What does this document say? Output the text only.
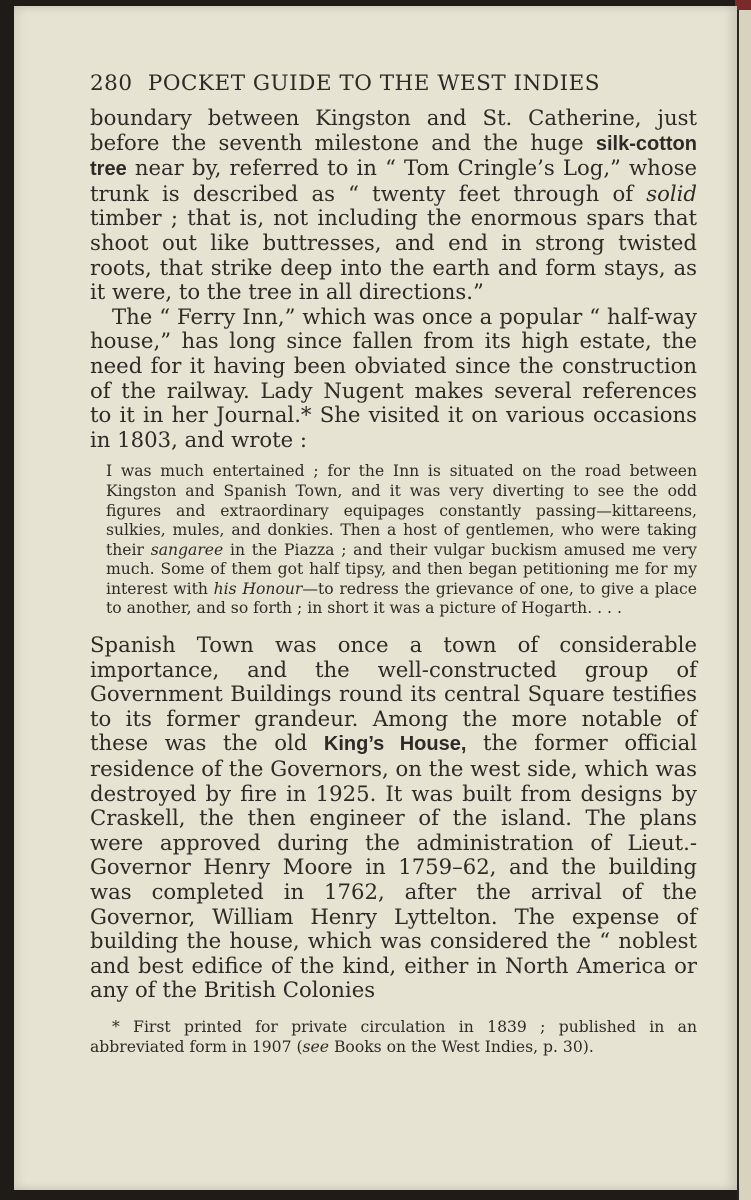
280 POCKET GUIDE TO THE WEST INDIES

boundary between Kingston and St. Catherine, just before the seventh milestone and the huge silk-cotton tree near by, referred to in “ Tom Cringle’s Log,” whose trunk is described as “ twenty feet through of solid timber ; that is, not including the enormous spars that shoot out like buttresses, and end in strong twisted roots, that strike deep into the earth and form stays, as it were, to the tree in all directions.”

The “ Ferry Inn,” which was once a popular “ half-way house,” has long since fallen from its high estate, the need for it having been obviated since the construction of the railway. Lady Nugent makes several references to it in her Journal.* She visited it on various occasions in 1803, and wrote :

I was much entertained ; for the Inn is situated on the road between Kingston and Spanish Town, and it was very diverting to see the odd figures and extraordinary equipages constantly passing—kittareens, sulkies, mules, and donkies. Then a host of gentlemen, who were taking their sangaree in the Piazza ; and their vulgar buckism amused me very much. Some of them got half tipsy, and then began petitioning me for my interest with his Honour—to redress the grievance of one, to give a place to another, and so forth ; in short it was a picture of Hogarth. . . .

Spanish Town was once a town of considerable importance, and the well-constructed group of Government Buildings round its central Square testifies to its former grandeur. Among the more notable of these was the old King’s House, the former official residence of the Governors, on the west side, which was destroyed by fire in 1925. It was built from designs by Craskell, the then engineer of the island. The plans were approved during the administration of Lieut.-Governor Henry Moore in 1759–62, and the building was completed in 1762, after the arrival of the Governor, William Henry Lyttelton. The expense of building the house, which was considered the “ noblest and best edifice of the kind, either in North America or any of the British Colonies

* First printed for private circulation in 1839 ; published in an abbreviated form in 1907 (see Books on the West Indies, p. 30).
